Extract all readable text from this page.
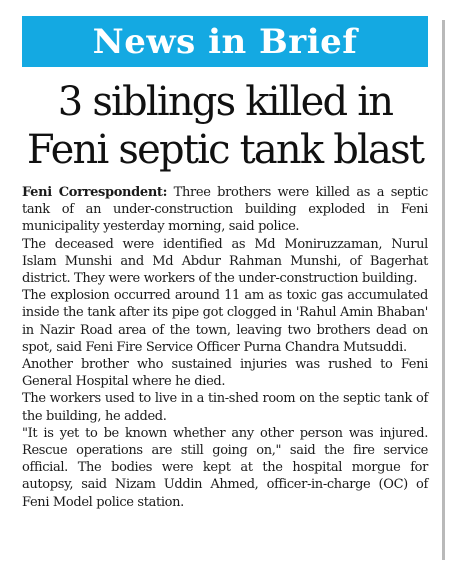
News in Brief
3 siblings killed in
Feni septic tank blast

Feni Correspondent: Three brothers were killed as a septic tank of an under-construction building exploded in Feni municipality yesterday morning, said police.

The deceased were identified as Md Moniruzzaman, Nurul Islam Munshi and Md Abdur Rahman Munshi, of Bagerhat district. They were workers of the under-construction building.

The explosion occurred around 11 am as toxic gas accumulated inside the tank after its pipe got clogged in 'Rahul Amin Bhaban' in Nazir Road area of the town, leaving two brothers dead on spot, said Feni Fire Service Officer Purna Chandra Mutsuddi.

Another brother who sustained injuries was rushed to Feni General Hospital where he died.

The workers used to live in a tin-shed room on the septic tank of the building, he added.

"It is yet to be known whether any other person was injured. Rescue operations are still going on," said the fire service official. The bodies were kept at the hospital morgue for autopsy, said Nizam Uddin Ahmed, officer-in-charge (OC) of Feni Model police station.
